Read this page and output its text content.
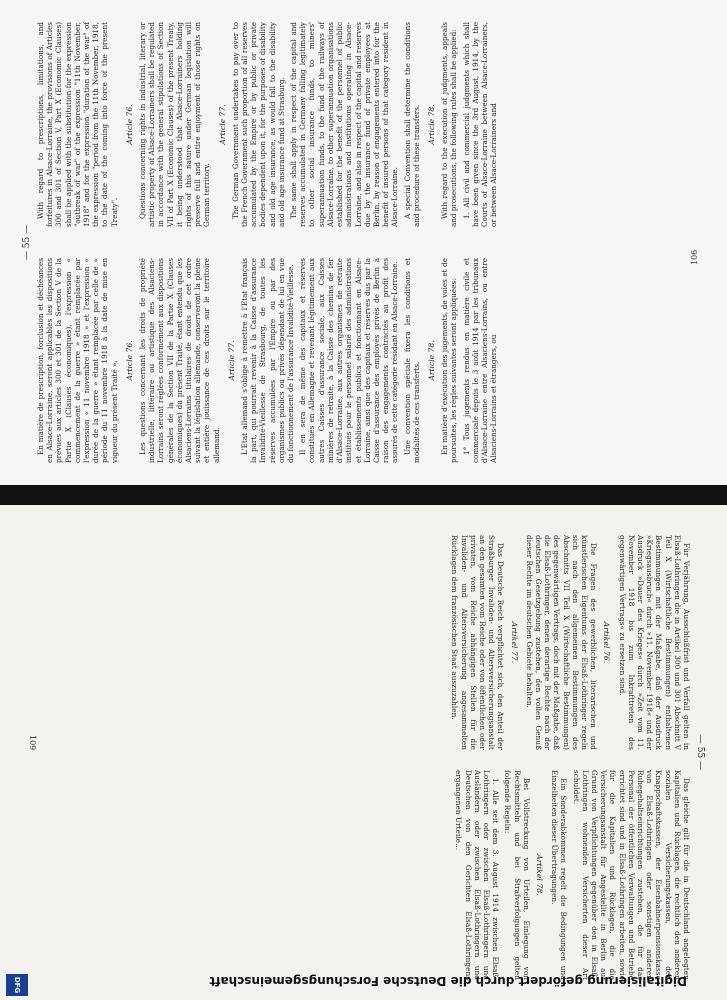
— 55 —

En matière de prescription, forclusion et déchéances en Alsace-Lorraine, seront applicables les dispositions prévues aux articles 300 et 301 de la Section V de la Partie X (Clauses économiques), l'expression « commencement de la guerre » étant remplacée par l'expression « 11 novembre 1918 » et l'expression « durée de la guerre » étant remplacée par celle de « période du 11 novembre 1918 à la date de mise en vigueur du présent Traité ». Article 76. Les questions concernant les droits de propriété industrielle, littéraire ou artistique des Alsaciens-Lorrains seront réglées conformément aux dispositions générales de la Section VII de la Partie X (Clauses économiques) du présent Traité, étant entendu que les Alsaciens-Lorrains titulaires de droits de cet ordre suivant la législation allemande, conserveront la pleine et entière jouissance de ces droits sur le territoire allemand.

Article 77. L'Etat allemand s'oblige à remettre à l'Etat français la part, qui pourrait revenir à la Caisse d'assurance Invalidité-Vieillesse de Strasbourg, de toutes les réserves accumulées par l'Empire ou par des organismes publics ou privés dépendant de lui en vue du fonctionnement de l'assurance Invalidité-Vieillesse. Il en sera de même des capitaux et réserves constitués en Allemagne et revenant légitimement aux autres Caisses d'assurance sociale, aux Caisses minières de retraite, à la Caisse des chemins de fer d'Alsace-Lorraine, aux autres organismes de retraite institués pour le personnel salarié des administrations et établissements publics et fonctionnant en Alsace-Lorraine, ainsi que des capitaux et réserves dus par la Caisse d'assurance des employés privés de Berlin à raison des engagements contractés au profit des assurés de cette catégorie résidant en Alsace-Lorraine. Une convention spéciale fixera les conditions et modalités de ces transferts.

Article 78. En matière d'exécution des jugements, de voies et de poursuites, les règles suivantes seront appliquées: 1° Tous jugements rendus en matière civile et commerciale depuis le 3 août 1914 par les tribunaux d'Alsace-Lorraine entre Alsaciens-Lorrains, ou entre Alsaciens-Lorrains et étrangers, ou

With regard to prescriptions, limitations, and forfeitures in Alsace-Lorraine, the provisions of Articles 300 and 301 of Section V, Part X (Economic Clauses) shall be applied with the substitution for the expression "outbreak of war" of the expression "11th November, 1918" and for the expression "duration of the war" of the expression "period from the 11th November, 1918, to the date of the coming into force of the present Treaty".

Article 76. Questions concerning rights in industrial, literary or artistic property of Alsace-Lorrainers shall be regulated in accordance with the general stipulations of Section VII of Part X (Economic Clauses) of the present Treaty, it being understood that Alsace-Lorrainers holding rights of this nature under German legislation will preserve full and entire enjoyment of those rights on German territory.

Article 77. The German Government undertakes to pay over to the French Government such proportion of all reserves accumulated by the Empire or by public or private bodies dependent upon it, for the purposes of disability and old age insurance, as would fall to the disability and old age insurance fund at Strasburg. The same shall apply in respect of the capital and reserves accumulated in Germany falling legitimately to other social insurance funds, to miners' superannuation funds, to the fund of the railways of Alsace-Lorraine, to other superannuation organisations established for the benefit of the personnel of public administrations and institutions operating in Alsace-Lorraine, and also in respect of the capital and reserves due by the insurance fund of private employees at Berlin, by reason of engagements entered into for the benefit of insured persons of that category resident in Alsace-Lorraine. A special Convention shall determine the conditions and procedure of these transfers. Article 78. With regard to the execution of judgments, appeals and prosecutions, the following rules shall be applied: 1. All civil and commercial judgments which shall have been given since the 3rd August, 1914, by the Courts of Alsace-Lorraine between Alsace-Lorrainers, or between Alsace-Lorrainers and

106
— 55 —

Für Verjährung, Ausschlußfrist und Verfall gelten in Elsaß-Lothringen die in Artikel 300 und 301 Abschnitt V Teil X (Wirtschaftliche Bestimmungen) enthaltenen Bestimmungen mit der Maßgabe, daß der Ausdruck »Kriegsausbruch« durch »11. November 1918« und der Ausdruck »Dauer des Krieges« durch »Zeit vom 11. November 1918 bis zum Inkrafttreten des gegenwärtigen Vertrags« zu ersetzen sind.

Artikel 76.

Die Fragen des gewerblichen, literarischen und künstlerischen Eigentums der Elsaß-Lothringer regeln sich nach den allgemeinen Bestimmungen des Abschnitts VII Teil X (Wirtschaftliche Bestimmungen) des gegenwärtigen Vertrags, doch mit der Maßgabe, daß die Elsaß-Lothringer, denen derartige Rechte nach der deutschen Gesetzgebung zustehen, den vollen Genuß dieser Rechte im deutschen Gebiete behalten.

Artikel 77.

Das Deutsche Reich verpflichtet sich, den Anteil der Straßburger Invaliden- und Altersversicherungsanstalt an den gesamten vom Reiche oder von öffentlichen oder privaten, vom Reiche abhängigen Stellen für die Invaliden- und Altersversicherung angesammelten Rücklagen dem französischen Staat auszuzahlen.

Das gleiche gilt für die in Deutschland angelegten Kapitalien und Rücklagen, die rechtlich den anderen sozialen Versicherungskassen, den Knappschaftskassen, der Eisenbahnerpensionskasse von Elsaß-Lothringen oder sonstigen anderen Ruhegehaltseinrichtungen zustehen, die für das Personal der öffentlichen Verwaltungen und Betriebe errichtet sind und in Elsaß-Lothringen arbeiten, sowie für die Kapitalien und Rücklagen, die die Versicherungsanstalt für Angestellte in Berlin auf Grund von Verpflichtungen gegenüber den in Elsaß-Lothringen wohnenden Versicherten dieser Art schuldet.

Ein Sonderabkommen regelt die Bedingungen und Einzelheiten dieser Übertragungen.

Artikel 78.

Bei Vollstreckung von Urteilen, Einlegung von Rechtsmitteln und bei Strafverfolgungen gelten folgende Regeln:

1. Alle seit dem 3. August 1914 zwischen Elsaß-Lothringern oder zwischen Elsaß-Lothringern und Ausländern oder zwischen Elsaß-Lothringern und Deutschen von den Gerichten Elsaß-Lothringens ergangenen Urteile...

109
Digitalisierung gefördert durch die Deutsche Forschungsgemeinschaft
DFG
